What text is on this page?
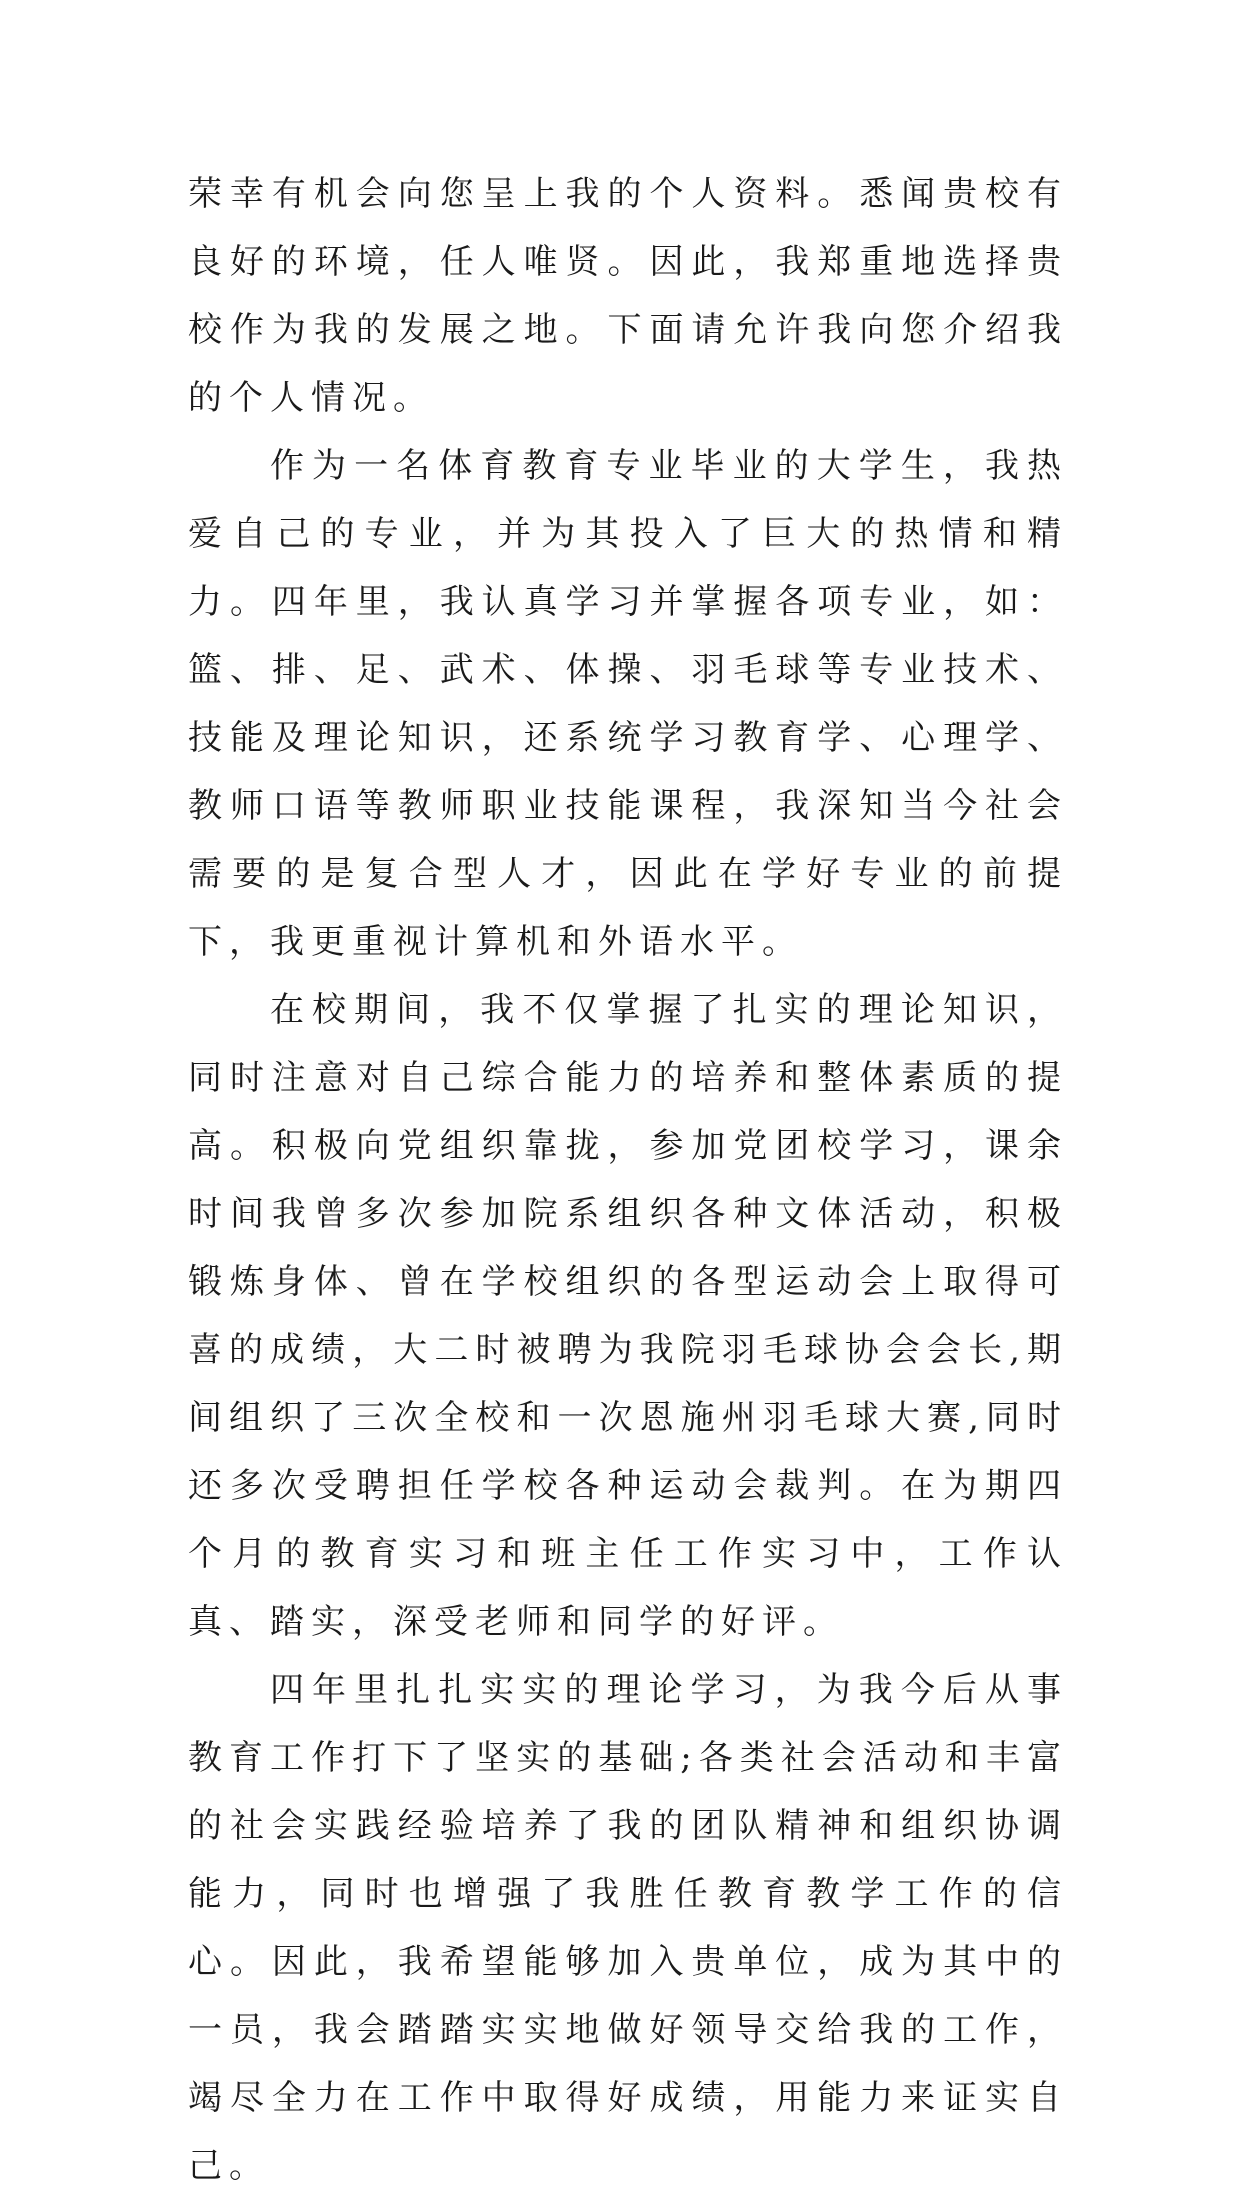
荣幸有机会向您呈上我的个人资料。悉闻贵校有良好的环境，任人唯贤。因此，我郑重地选择贵校作为我的发展之地。下面请允许我向您介绍我的个人情况。

作为一名体育教育专业毕业的大学生，我热爱自己的专业，并为其投入了巨大的热情和精力。四年里，我认真学习并掌握各项专业，如：篮、排、足、武术、体操、羽毛球等专业技术、技能及理论知识，还系统学习教育学、心理学、教师口语等教师职业技能课程，我深知当今社会需要的是复合型人才，因此在学好专业的前提下，我更重视计算机和外语水平。

在校期间，我不仅掌握了扎实的理论知识，同时注意对自己综合能力的培养和整体素质的提高。积极向党组织靠拢，参加党团校学习，课余时间我曾多次参加院系组织各种文体活动，积极锻炼身体、曾在学校组织的各型运动会上取得可喜的成绩，大二时被聘为我院羽毛球协会会长,期间组织了三次全校和一次恩施州羽毛球大赛,同时还多次受聘担任学校各种运动会裁判。在为期四个月的教育实习和班主任工作实习中，工作认真、踏实，深受老师和同学的好评。

四年里扎扎实实的理论学习，为我今后从事教育工作打下了坚实的基础;各类社会活动和丰富的社会实践经验培养了我的团队精神和组织协调能力，同时也增强了我胜任教育教学工作的信心。因此，我希望能够加入贵单位，成为其中的一员，我会踏踏实实地做好领导交给我的工作，竭尽全力在工作中取得好成绩，用能力来证实自己。
